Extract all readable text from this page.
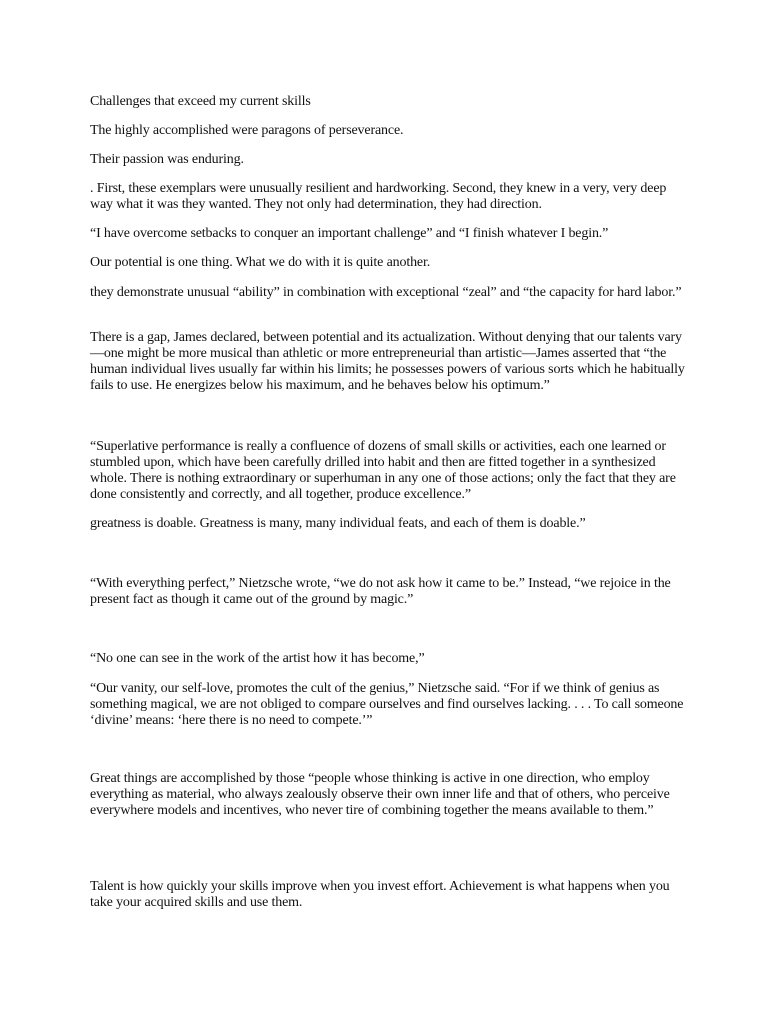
Challenges that exceed my current skills

The highly accomplished were paragons of perseverance.

Their passion was enduring.

. First, these exemplars were unusually resilient and hardworking. Second, they knew in a very, very deep way what it was they wanted. They not only had determination, they had direction.

“I have overcome setbacks to conquer an important challenge” and “I finish whatever I begin.”

Our potential is one thing. What we do with it is quite another.

they demonstrate unusual “ability” in combination with exceptional “zeal” and “the capacity for hard labor.”

There is a gap, James declared, between potential and its actualization. Without denying that our talents vary—one might be more musical than athletic or more entrepreneurial than artistic—James asserted that “the human individual lives usually far within his limits; he possesses powers of various sorts which he habitually fails to use. He energizes below his maximum, and he behaves below his optimum.”

“Superlative performance is really a confluence of dozens of small skills or activities, each one learned or stumbled upon, which have been carefully drilled into habit and then are fitted together in a synthesized whole. There is nothing extraordinary or superhuman in any one of those actions; only the fact that they are done consistently and correctly, and all together, produce excellence.”

greatness is doable. Greatness is many, many individual feats, and each of them is doable.”

“With everything perfect,” Nietzsche wrote, “we do not ask how it came to be.” Instead, “we rejoice in the present fact as though it came out of the ground by magic.”

“No one can see in the work of the artist how it has become,”

“Our vanity, our self-love, promotes the cult of the genius,” Nietzsche said. “For if we think of genius as something magical, we are not obliged to compare ourselves and find ourselves lacking. . . . To call someone ‘divine’ means: ‘here there is no need to compete.’”

Great things are accomplished by those “people whose thinking is active in one direction, who employ everything as material, who always zealously observe their own inner life and that of others, who perceive everywhere models and incentives, who never tire of combining together the means available to them.”

Talent is how quickly your skills improve when you invest effort. Achievement is what happens when you take your acquired skills and use them.
